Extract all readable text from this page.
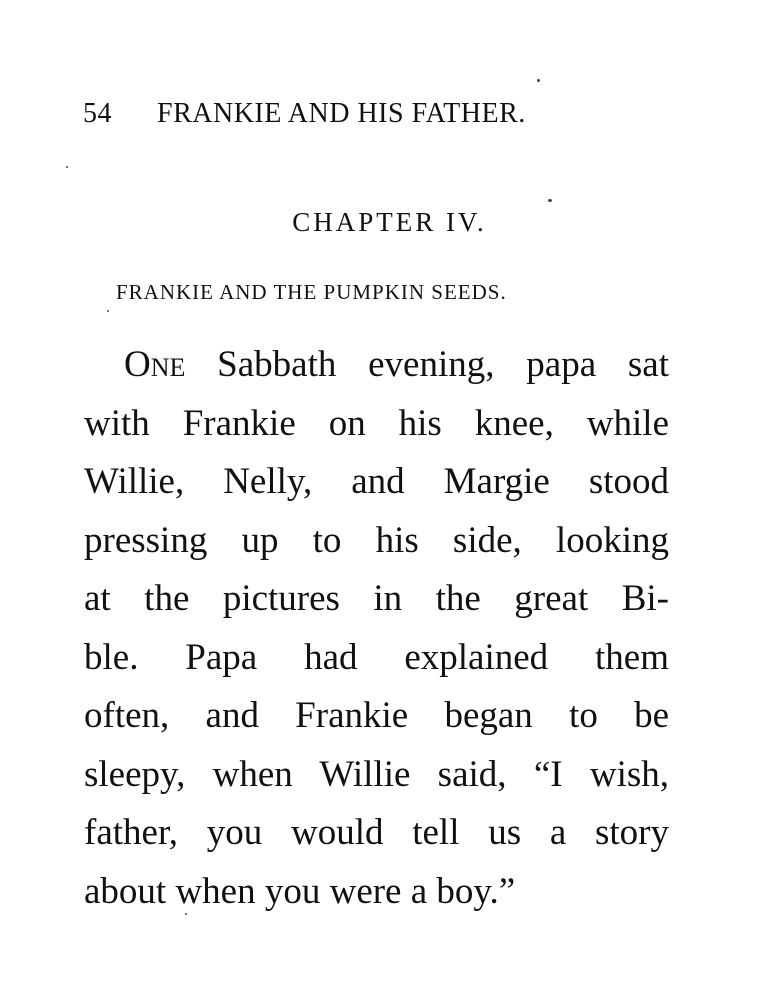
54 FRANKIE AND HIS FATHER.
CHAPTER IV.
FRANKIE AND THE PUMPKIN SEEDS.
One Sabbath evening, papa sat
with Frankie on his knee, while
Willie, Nelly, and Margie stood
pressing up to his side, looking
at the pictures in the great Bi-
ble. Papa had explained them
often, and Frankie began to be
sleepy, when Willie said, “I wish,
father, you would tell us a story
about when you were a boy.”
